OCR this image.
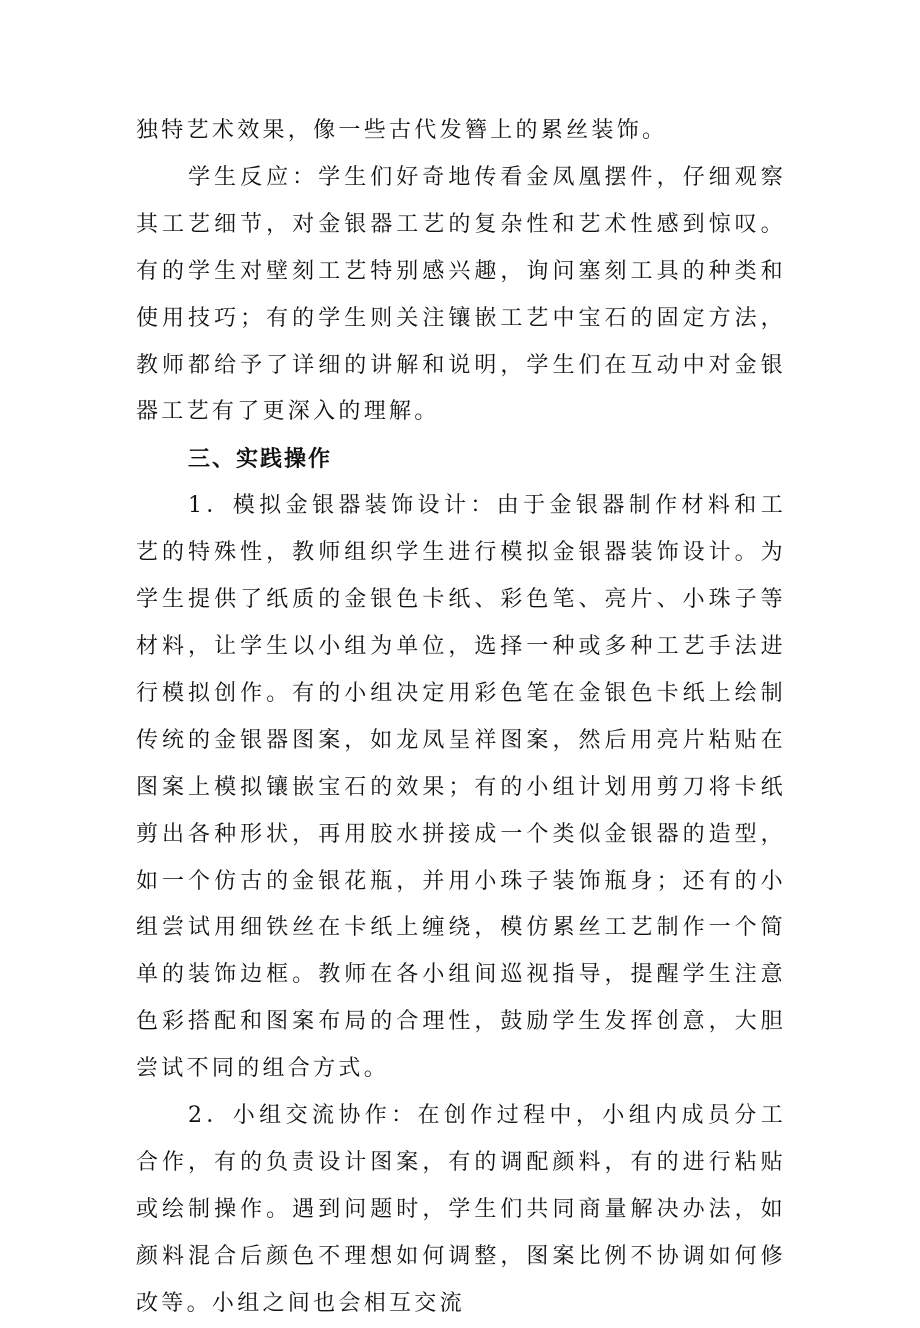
独特艺术效果，像一些古代发簪上的累丝装饰。

学生反应：学生们好奇地传看金凤凰摆件，仔细观察其工艺细节，对金银器工艺的复杂性和艺术性感到惊叹。有的学生对壁刻工艺特别感兴趣，询问塞刻工具的种类和使用技巧；有的学生则关注镶嵌工艺中宝石的固定方法，教师都给予了详细的讲解和说明，学生们在互动中对金银器工艺有了更深入的理解。

三、实践操作

1．模拟金银器装饰设计：由于金银器制作材料和工艺的特殊性，教师组织学生进行模拟金银器装饰设计。为学生提供了纸质的金银色卡纸、彩色笔、亮片、小珠子等材料，让学生以小组为单位，选择一种或多种工艺手法进行模拟创作。有的小组决定用彩色笔在金银色卡纸上绘制传统的金银器图案，如龙凤呈祥图案，然后用亮片粘贴在图案上模拟镶嵌宝石的效果；有的小组计划用剪刀将卡纸剪出各种形状，再用胶水拼接成一个类似金银器的造型，如一个仿古的金银花瓶，并用小珠子装饰瓶身；还有的小组尝试用细铁丝在卡纸上缠绕，模仿累丝工艺制作一个简单的装饰边框。教师在各小组间巡视指导，提醒学生注意色彩搭配和图案布局的合理性，鼓励学生发挥创意，大胆尝试不同的组合方式。

2．小组交流协作：在创作过程中，小组内成员分工合作，有的负责设计图案，有的调配颜料，有的进行粘贴或绘制操作。遇到问题时，学生们共同商量解决办法，如颜料混合后颜色不理想如何调整，图案比例不协调如何修改等。小组之间也会相互交流
